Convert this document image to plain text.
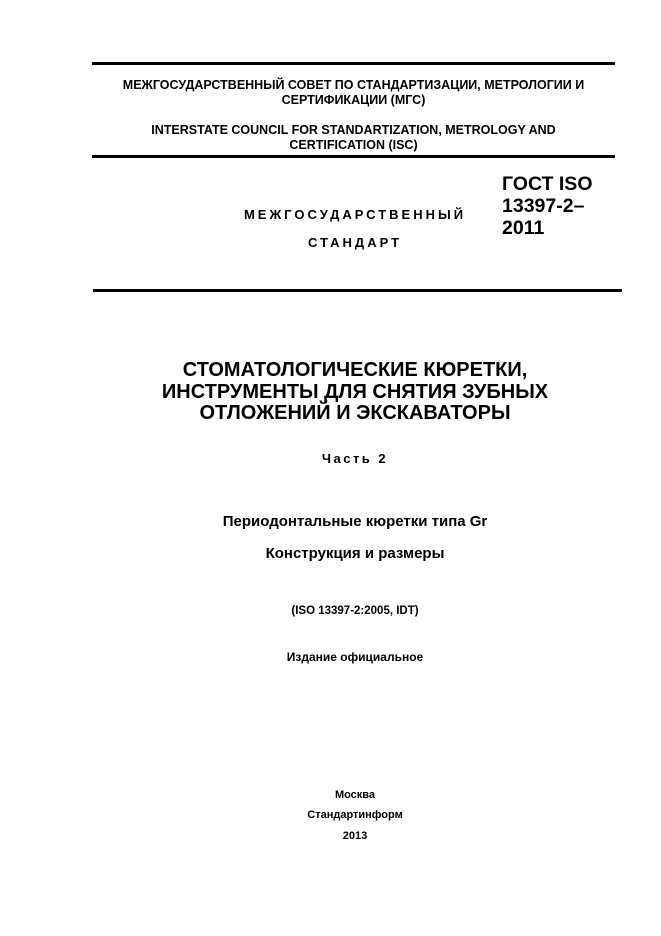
МЕЖГОСУДАРСТВЕННЫЙ СОВЕТ ПО СТАНДАРТИЗАЦИИ, МЕТРОЛОГИИ И
СЕРТИФИКАЦИИ (МГС)
INTERSTATE COUNCIL FOR STANDARTIZATION, METROLOGY AND
CERTIFICATION (ISC)
МЕЖГОСУДАРСТВЕННЫЙ
СТАНДАРТ
ГОСТ ISO
13397-2–
2011
СТОМАТОЛОГИЧЕСКИЕ КЮРЕТКИ,
ИНСТРУМЕНТЫ ДЛЯ СНЯТИЯ ЗУБНЫХ
ОТЛОЖЕНИЙ И ЭКСКАВАТОРЫ
Часть 2
Периодонтальные кюретки типа Gr
Конструкция и размеры
(ISO 13397-2:2005, IDT)
Издание официальное
Москва
Стандартинформ
2013
